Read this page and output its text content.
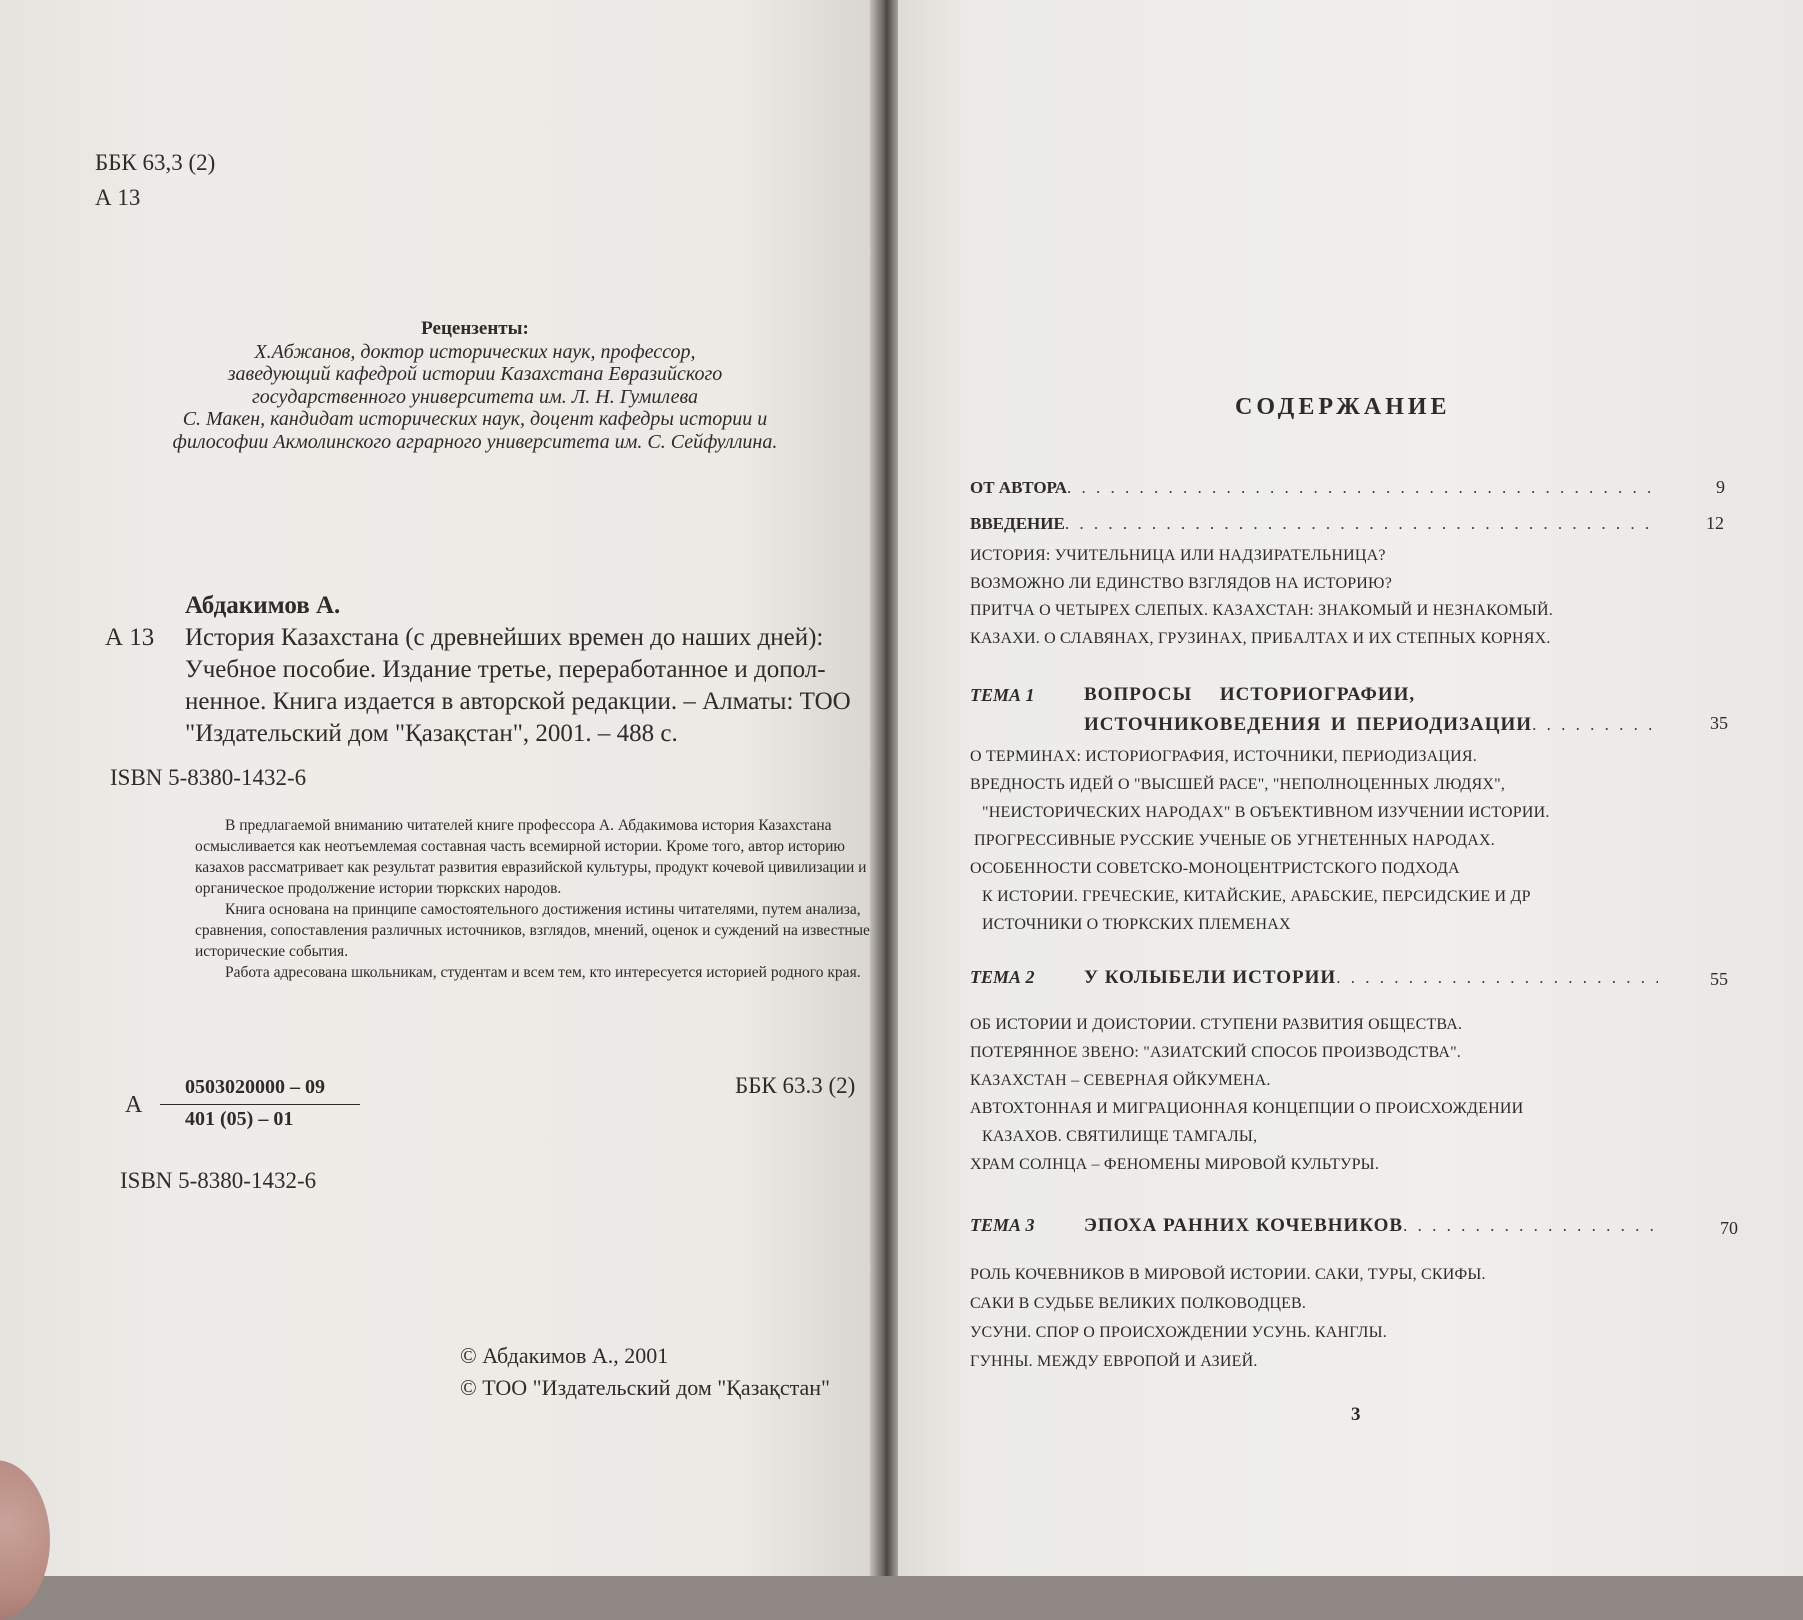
ББК 63,3 (2)
А 13
Рецензенты:
Х.Абжанов, доктор исторических наук, профессор,
заведующий кафедрой истории Казахстана Евразийского
государственного университета им. Л. Н. Гумилева
С. Макен, кандидат исторических наук, доцент кафедры истории и
философии Акмолинского аграрного университета им. С. Сейфуллина.
Абдакимов А.
А 13 История Казахстана (с древнейших времен до наших дней):
Учебное пособие. Издание третье, переработанное и допол-
ненное. Книга издается в авторской редакции. – Алматы: ТОО
"Издательский дом "Қазақстан", 2001. – 488 с.
ISBN 5-8380-1432-6

В предлагаемой вниманию читателей книге профессора А. Абдакимова история Казахстана осмысливается как неотъемлемая составная часть всемирной истории. Кроме того, автор историю казахов рассматривает как результат развития евразийской культуры, продукт кочевой цивилизации и органическое продолжение истории тюркских народов.

Книга основана на принципе самостоятельного достижения истины читателями, путем анализа, сравнения, сопоставления различных источников, взглядов, мнений, оценок и суждений на известные исторические события.

Работа адресована школьникам, студентам и всем тем, кто интересуется историей родного края.

А
0503020000 – 09
401 (05) – 01
ББК 63.3 (2)
ISBN 5-8380-1432-6
© Абдакимов А., 2001
© ТОО "Издательский дом "Қазақстан"
СОДЕРЖАНИЕ
ОТ АВТОРА . . .	9
ВВЕДЕНИЕ . . .	12
ИСТОРИЯ: УЧИТЕЛЬНИЦА ИЛИ НАДЗИРАТЕЛЬНИЦА?
ВОЗМОЖНО ЛИ ЕДИНСТВО ВЗГЛЯДОВ НА ИСТОРИЮ?
ПРИТЧА О ЧЕТЫРЕХ СЛЕПЫХ. КАЗАХСТАН: ЗНАКОМЫЙ И НЕЗНАКОМЫЙ.
КАЗАХИ. О СЛАВЯНАХ, ГРУЗИНАХ, ПРИБАЛТАХ И ИХ СТЕПНЫХ КОРНЯХ.
ТЕМА 1	ВОПРОСЫ ИСТОРИОГРАФИИ,
ИСТОЧНИКОВЕДЕНИЯ И ПЕРИОДИЗАЦИИ . . .	35
О ТЕРМИНАХ: ИСТОРИОГРАФИЯ, ИСТОЧНИКИ, ПЕРИОДИЗАЦИЯ.
ВРЕДНОСТЬ ИДЕЙ О "ВЫСШЕЙ РАСЕ", "НЕПОЛНОЦЕННЫХ ЛЮДЯХ",
"НЕИСТОРИЧЕСКИХ НАРОДАХ" В ОБЪЕКТИВНОМ ИЗУЧЕНИИ ИСТОРИИ.
ПРОГРЕССИВНЫЕ РУССКИЕ УЧЕНЫЕ ОБ УГНЕТЕННЫХ НАРОДАХ.
ОСОБЕННОСТИ СОВЕТСКО-МОНОЦЕНТРИСТСКОГО ПОДХОДА
К ИСТОРИИ. ГРЕЧЕСКИЕ, КИТАЙСКИЕ, АРАБСКИЕ, ПЕРСИДСКИЕ И ДР
ИСТОЧНИКИ О ТЮРКСКИХ ПЛЕМЕНАХ
ТЕМА 2	У КОЛЫБЕЛИ ИСТОРИИ . . .	55
ОБ ИСТОРИИ И ДОИСТОРИИ. СТУПЕНИ РАЗВИТИЯ ОБЩЕСТВА.
ПОТЕРЯННОЕ ЗВЕНО: "АЗИАТСКИЙ СПОСОБ ПРОИЗВОДСТВА".
КАЗАХСТАН – СЕВЕРНАЯ ОЙКУМЕНА.
АВТОХТОННАЯ И МИГРАЦИОННАЯ КОНЦЕПЦИИ О ПРОИСХОЖДЕНИИ
КАЗАХОВ. СВЯТИЛИЩЕ ТАМГАЛЫ,
ХРАМ СОЛНЦА – ФЕНОМЕНЫ МИРОВОЙ КУЛЬТУРЫ.
ТЕМА 3	ЭПОХА РАННИХ КОЧЕВНИКОВ . . .	70
РОЛЬ КОЧЕВНИКОВ В МИРОВОЙ ИСТОРИИ. САКИ, ТУРЫ, СКИФЫ.
САКИ В СУДЬБЕ ВЕЛИКИХ ПОЛКОВОДЦЕВ.
УСУНИ. СПОР О ПРОИСХОЖДЕНИИ УСУНЬ. КАНГЛЫ.
ГУННЫ. МЕЖДУ ЕВРОПОЙ И АЗИЕЙ.
3
